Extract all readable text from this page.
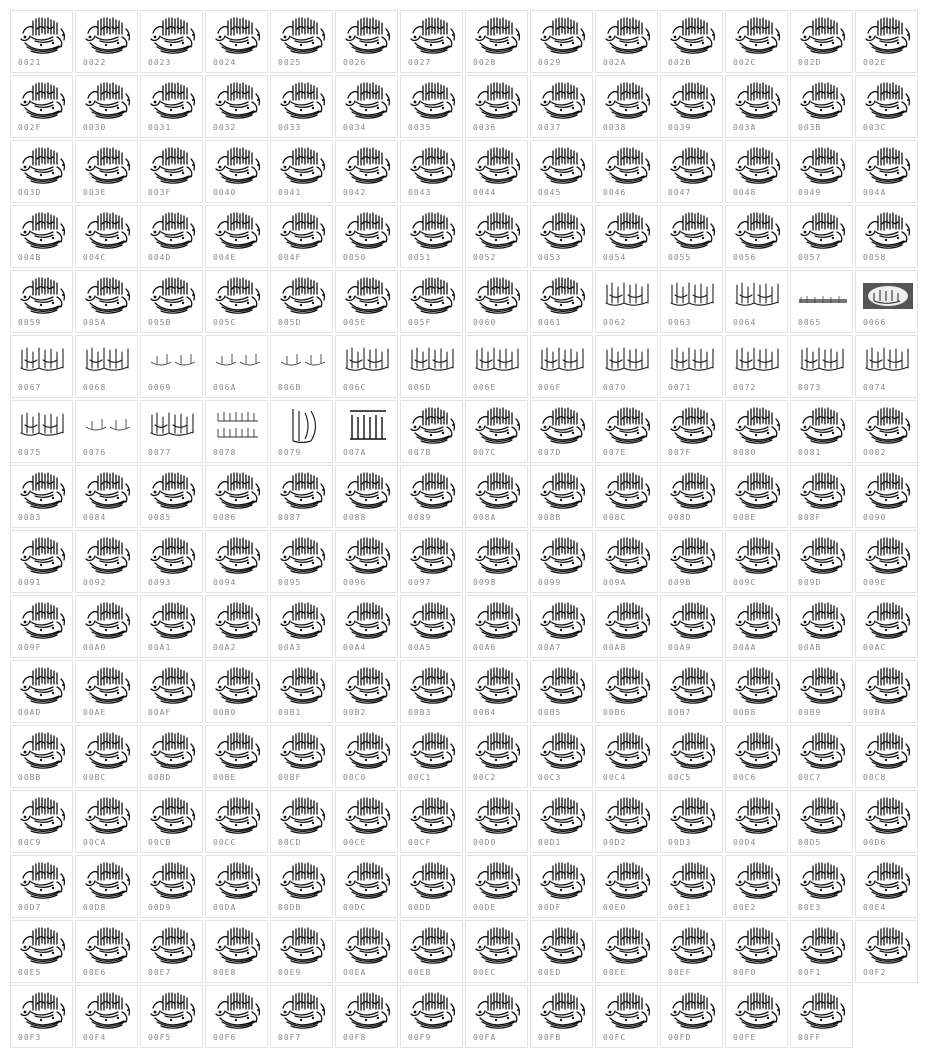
0021	0022	0023	0024	0025	0026	0027	0028	0029	002A	002B	002C	002D	002E
002F	0030	0031	0032	0033	0034	0035	0036	0037	0038	0039	003A	003B	003C
003D	003E	003F	0040	0041	0042	0043	0044	0045	0046	0047	0048	0049	004A
004B	004C	004D	004E	004F	0050	0051	0052	0053	0054	0055	0056	0057	0058
0059	005A	005B	005C	005D	005E	005F	0060	0061	0062	0063	0064	0065	0066
0067	0068	0069	006A	006B	006C	006D	006E	006F	0070	0071	0072	0073	0074
0075	0076	0077	0078	0079	007A	007B	007C	007D	007E	007F	0080	0081	0082
0083	0084	0085	0086	0087	0088	0089	008A	008B	008C	008D	008E	008F	0090
0091	0092	0093	0094	0095	0096	0097	0098	0099	009A	009B	009C	009D	009E
009F	00A0	00A1	00A2	00A3	00A4	00A5	00A6	00A7	00A8	00A9	00AA	00AB	00AC
00AD	00AE	00AF	00B0	00B1	00B2	00B3	00B4	00B5	00B6	00B7	00B8	00B9	00BA
00BB	00BC	00BD	00BE	00BF	00C0	00C1	00C2	00C3	00C4	00C5	00C6	00C7	00C8
00C9	00CA	00CB	00CC	00CD	00CE	00CF	00D0	00D1	00D2	00D3	00D4	00D5	00D6
00D7	00D8	00D9	00DA	00DB	00DC	00DD	00DE	00DF	00E0	00E1	00E2	00E3	00E4
00E5	00E6	00E7	00E8	00E9	00EA	00EB	00EC	00ED	00EE	00EF	00F0	00F1	00F2
00F3	00F4	00F5	00F6	00F7	00F8	00F9	00FA	00FB	00FC	00FD	00FE	00FF
